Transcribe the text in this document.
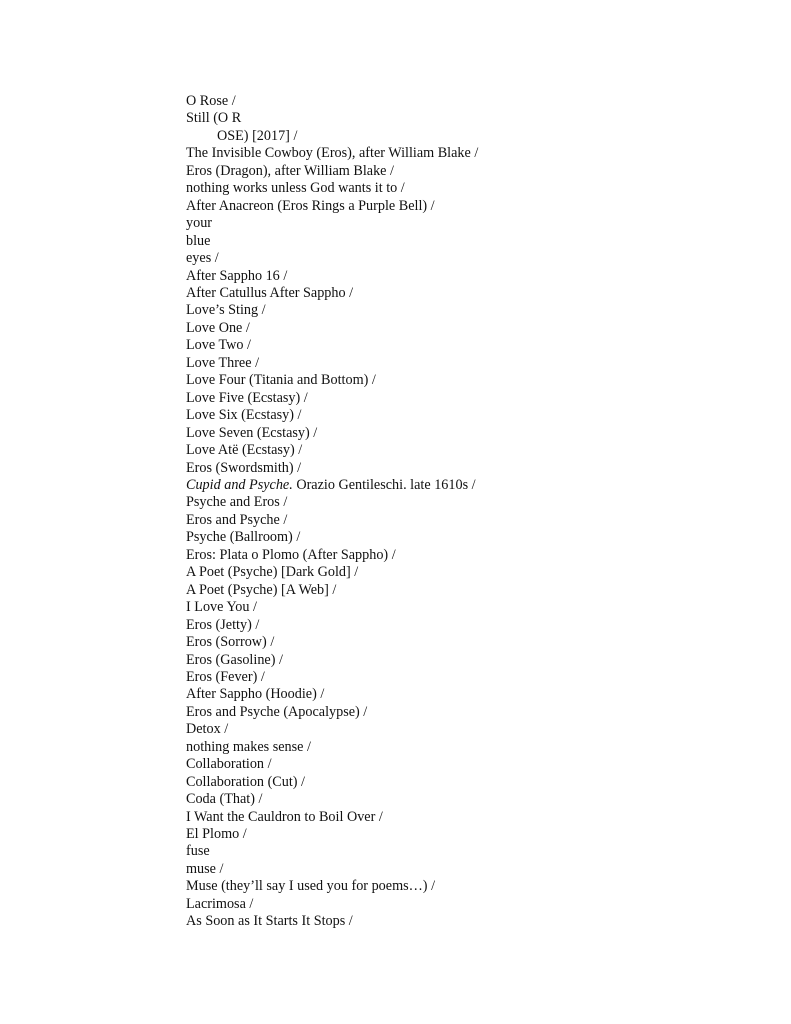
O Rose /
Still (O R
OSE) [2017] /
The Invisible Cowboy (Eros), after William Blake /
Eros (Dragon), after William Blake /
nothing works unless God wants it to /
After Anacreon (Eros Rings a Purple Bell) /
your
blue
eyes /
After Sappho 16 /
After Catullus After Sappho /
Love’s Sting /
Love One /
Love Two /
Love Three /
Love Four (Titania and Bottom) /
Love Five (Ecstasy) /
Love Six (Ecstasy) /
Love Seven (Ecstasy) /
Love Atë (Ecstasy) /
Eros (Swordsmith) /
Cupid and Psyche. Orazio Gentileschi. late 1610s /
Psyche and Eros /
Eros and Psyche /
Psyche (Ballroom) /
Eros: Plata o Plomo (After Sappho) /
A Poet (Psyche) [Dark Gold] /
A Poet (Psyche) [A Web] /
I Love You /
Eros (Jetty) /
Eros (Sorrow) /
Eros (Gasoline) /
Eros (Fever) /
After Sappho (Hoodie) /
Eros and Psyche (Apocalypse) /
Detox /
nothing makes sense /
Collaboration /
Collaboration (Cut) /
Coda (That) /
I Want the Cauldron to Boil Over /
El Plomo /
fuse
muse /
Muse (they’ll say I used you for poems…) /
Lacrimosa /
As Soon as It Starts It Stops /
